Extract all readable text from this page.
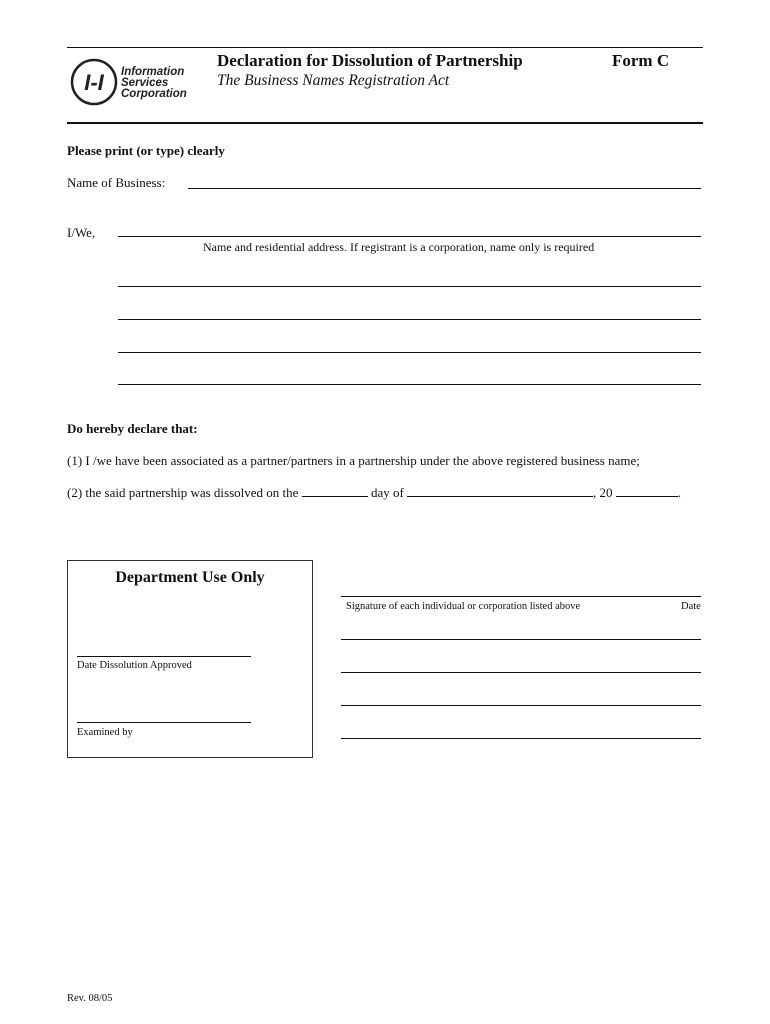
I-I Information
Services
Corporation
Declaration for Dissolution of Partnership
The Business Names Registration Act
Form C
Please print (or type) clearly
Name of Business:
I/We,
Name and residential address. If registrant is a corporation, name only is required
Do hereby declare that:
(1) I /we have been associated as a partner/partners in a partnership under the above registered business name;
(2) the said partnership was dissolved on the	day of	, 20	.
Department Use Only
Date Dissolution Approved
Examined by
Signature of each individual or corporation listed above	Date
Rev. 08/05
